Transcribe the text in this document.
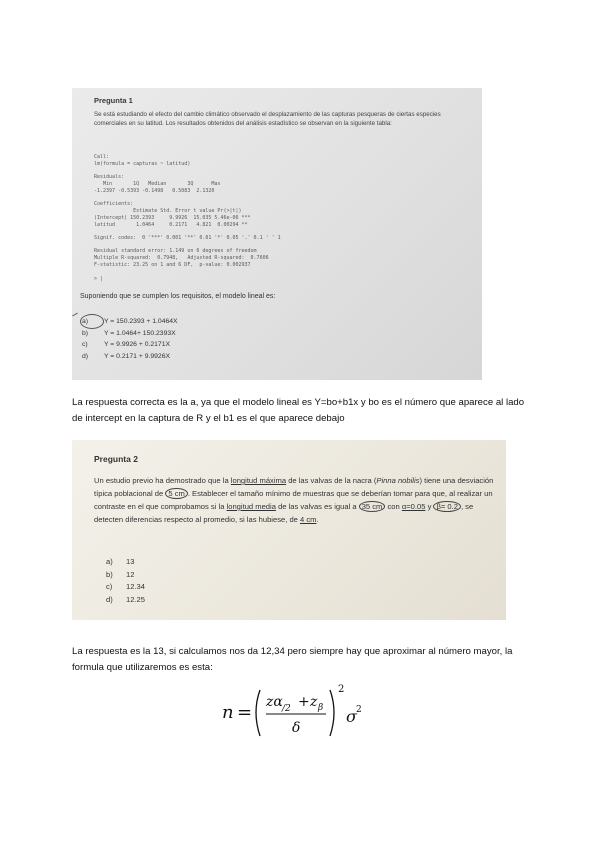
Pregunta 1
Se está estudiando el efecto del cambio climático observado el desplazamiento de las capturas pesqueras de ciertas especies comerciales en su latitud. Los resultados obtenidos del análisis estadístico se observan en la siguiente tabla:
Call:
lm(formula = capturas ~ latitud)
Residuals:
Min       1Q   Median       3Q      Max
-1.2397 -0.5393 -0.1498   0.5083  2.1320
Coefficients:
Estimate Std. Error t value Pr(>|t|)
(Intercept) 150.2393     9.9926  15.035 5.46e-06 ***
latitud       1.0464     0.2171   4.821  0.00294 **
Signif. codes:  0 '***' 0.001 '**' 0.01 '*' 0.05 '.' 0.1 ' ' 1
Residual standard error: 1.149 on 6 degrees of freedom
Multiple R-squared:  0.7948,   Adjusted R-squared:  0.7606
F-statistic: 23.25 on 1 and 6 DF,  p-value: 0.002937
> |
Suponiendo que se cumplen los requisitos, el modelo lineal es:
a)	Y = 150.2393 + 1.0464X
b)	Y = 1.0464+ 150.2393X
c)	Y = 9.9926 + 0.2171X
d)	Y = 0.2171 + 9.9926X
La respuesta correcta es la a, ya que el modelo lineal es Y=bo+b1x y bo es el número que aparece al lado de intercept en la captura de R y el b1 es el que aparece debajo
Pregunta 2
Un estudio previo ha demostrado que la longitud máxima de las valvas de la nacra (Pinna nobilis) tiene una desviación típica poblacional de 5 cm . Establecer el tamaño mínimo de muestras que se deberían tomar para que, al realizar un contraste en el que comprobamos si la longitud media de las valvas es igual a 35 cm con α=0.05 y β= 0.2 , se detecten diferencias respecto al promedio, si las hubiese, de 4 cm.
a)	13
b)	12
c)	12.34
d)	12.25
La respuesta es la 13, si calculamos nos da 12,34 pero siempre hay que aproximar al número mayor, la formula que utilizaremos es esta:
n = zα /2 + z β
δ
2
σ 2
